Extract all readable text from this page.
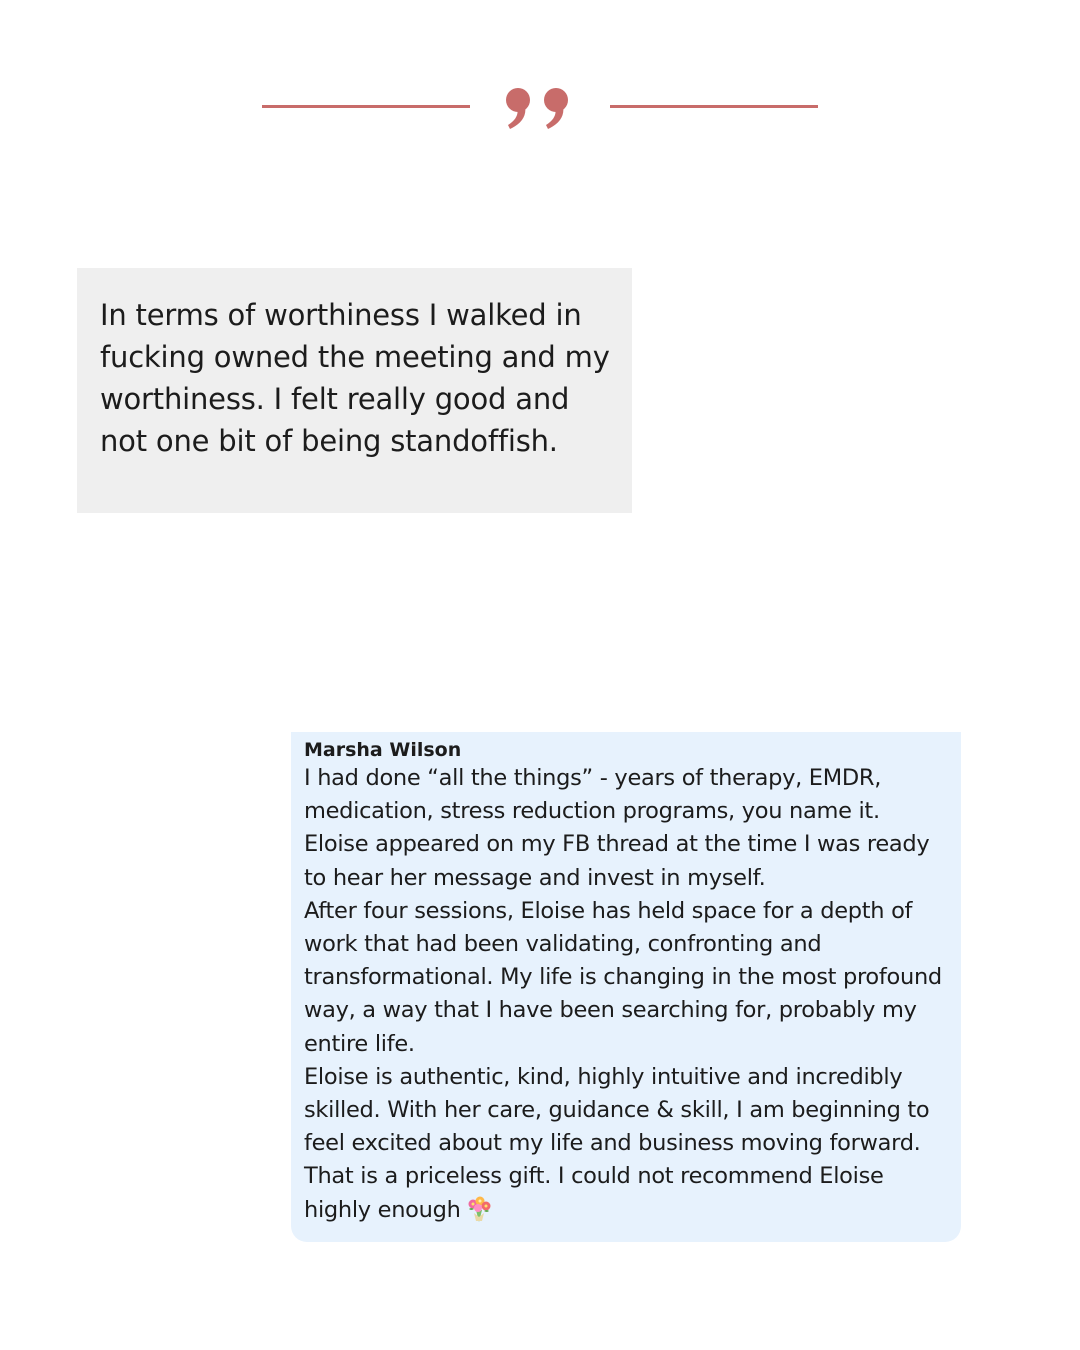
In terms of worthiness I walked in fucking owned the meeting and my worthiness. I felt really good and not one bit of being standoffish.

Marsha Wilson

I had done “all the things” - years of therapy, EMDR, medication, stress reduction programs, you name it. Eloise appeared on my FB thread at the time I was ready to hear her message and invest in myself.

After four sessions, Eloise has held space for a depth of work that had been validating, confronting and transformational. My life is changing in the most profound way, a way that I have been searching for, probably my entire life.

Eloise is authentic, kind, highly intuitive and incredibly skilled. With her care, guidance & skill, I am beginning to feel excited about my life and business moving forward. That is a priceless gift. I could not recommend Eloise highly enough
